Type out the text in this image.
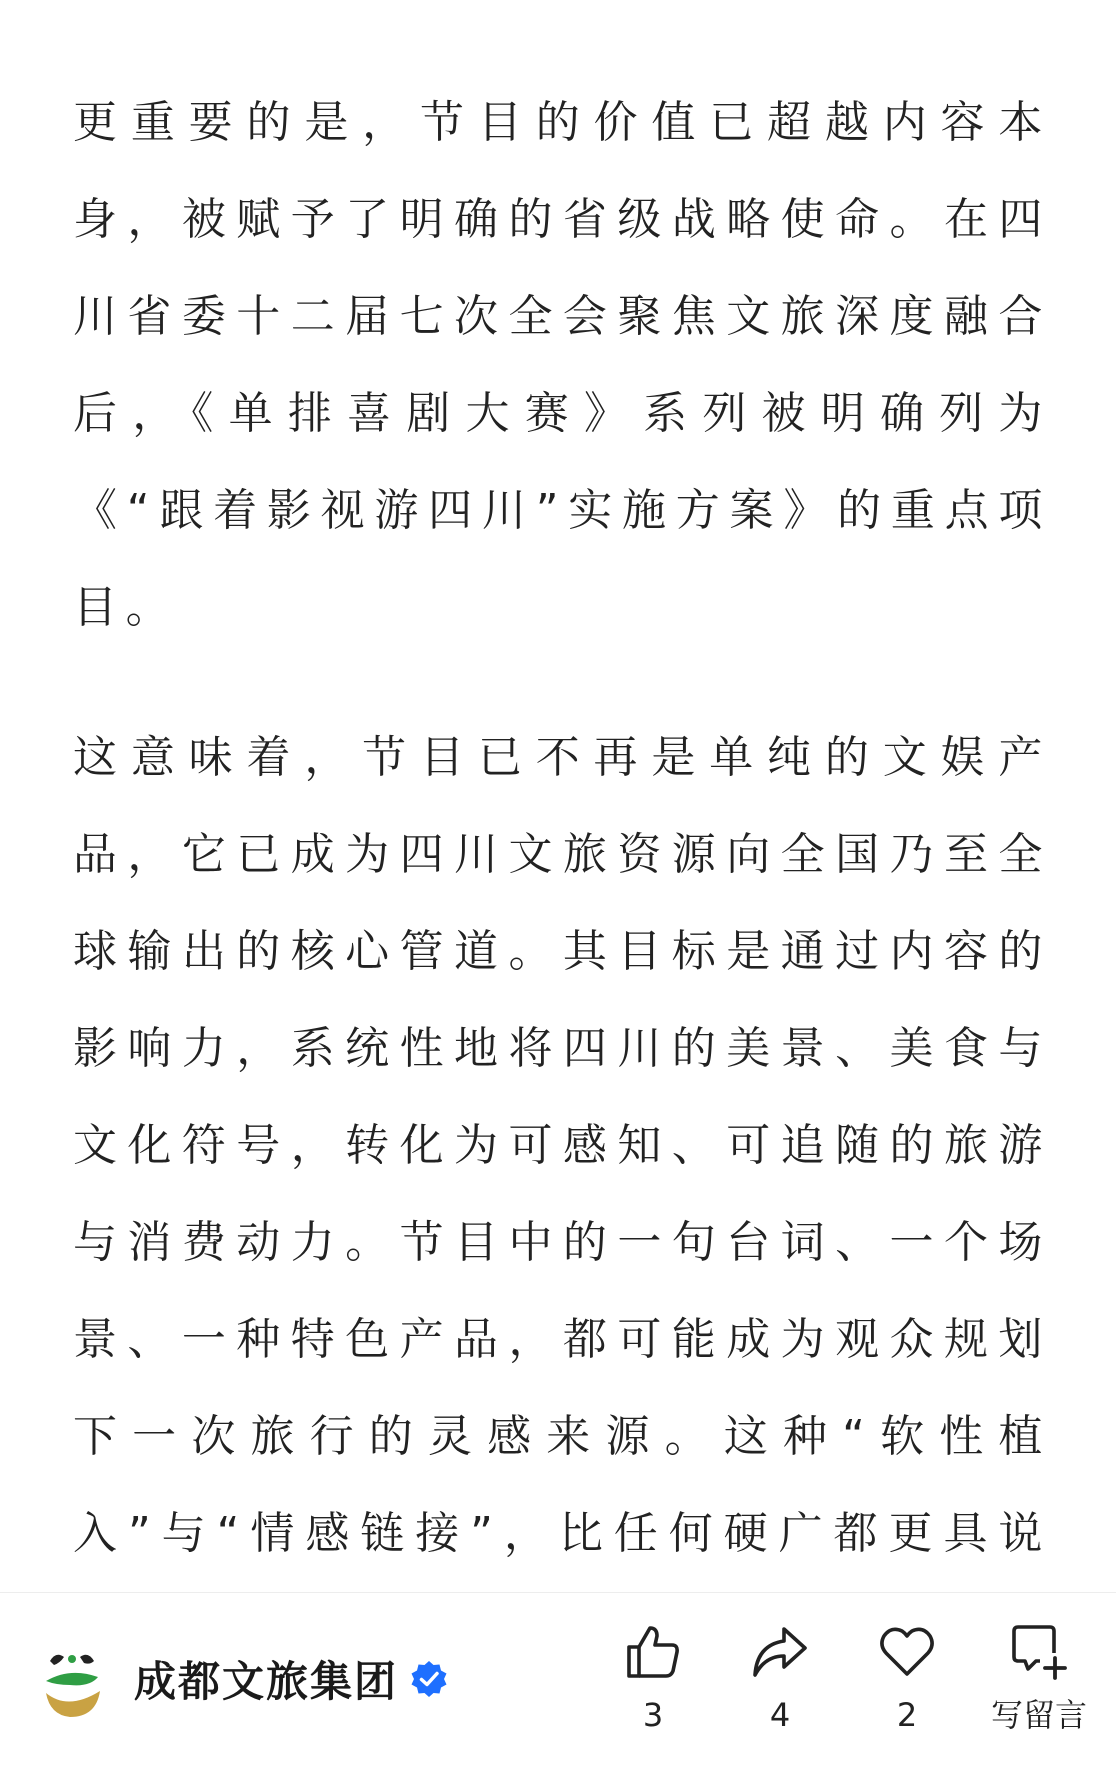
更重要的是，节目的价值已超越内容本身，被赋予了明确的省级战略使命。在四川省委十二届七次全会聚焦文旅深度融合后，《单排喜剧大赛》系列被明确列为《“跟着影视游四川”实施方案》的重点项目。

这意味着，节目已不再是单纯的文娱产品，它已成为四川文旅资源向全国乃至全球输出的核心管道。其目标是通过内容的影响力，系统性地将四川的美景、美食与文化符号，转化为可感知、可追随的旅游与消费动力。节目中的一句台词、一个场景、一种特色产品，都可能成为观众规划下一次旅行的灵感来源。这种“软性植入”与“情感链接”，比任何硬广都更具说

成都文旅集团
3	4	2	写留言
